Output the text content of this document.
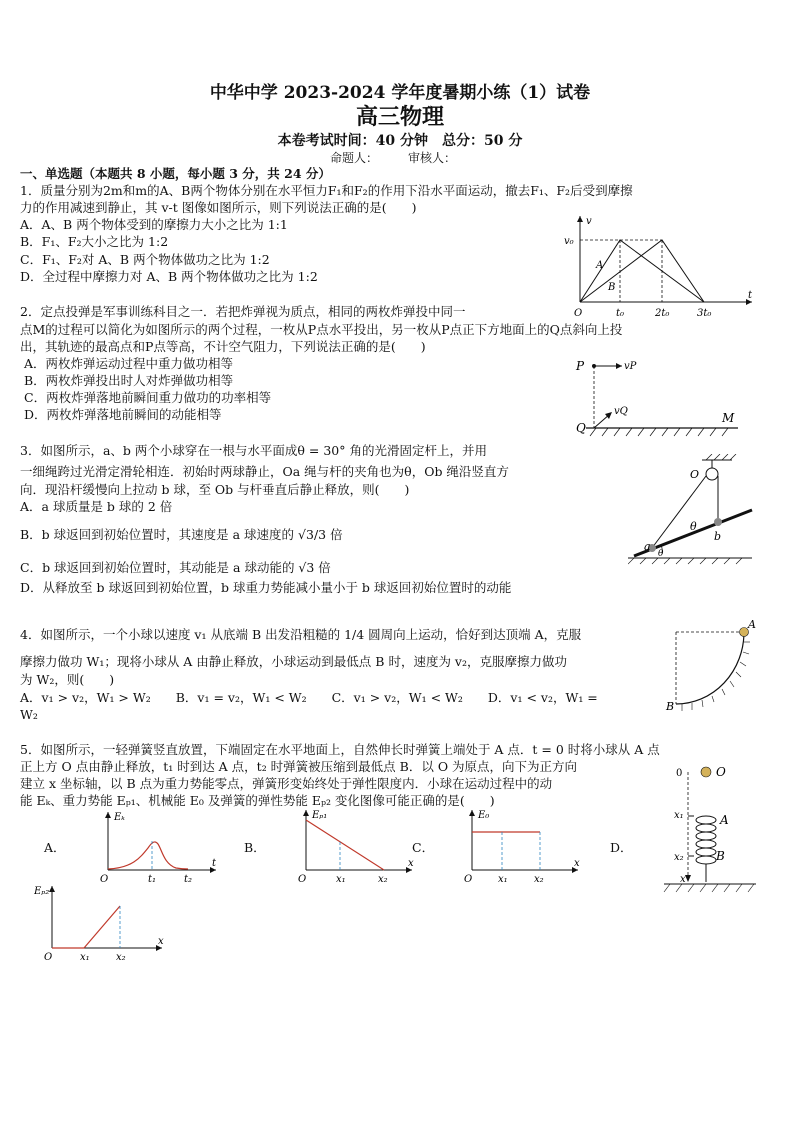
中华中学 2023-2024 学年度暑期小练（1）试卷
高三物理
本卷考试时间：40 分钟　总分：50 分
命题人：　　　审核人：
一、单选题（本题共 8 小题，每小题 3 分，共 24 分）
1．质量分别为2m和m的A、B两个物体分别在水平恒力F₁和F₂的作用下沿水平面运动，撤去F₁、F₂后受到摩擦
力的作用减速到静止，其 v-t 图像如图所示，则下列说法正确的是(　　)
A．A、B 两个物体受到的摩擦力大小之比为 1:1
B．F₁、F₂大小之比为 1:2
C．F₁、F₂对 A、B 两个物体做功之比为 1:2
D．全过程中摩擦力对 A、B 两个物体做功之比为 1:2
v
t
v₀
O	t₀	2t₀	3t₀
A
B
2．定点投弹是军事训练科目之一．若把炸弹视为质点，相同的两枚炸弹投中同一
点M的过程可以简化为如图所示的两个过程，一枚从P点水平投出，另一枚从P点正下方地面上的Q点斜向上投
出，其轨迹的最高点和P点等高，不计空气阻力，下列说法正确的是(　　)
A．两枚炸弹运动过程中重力做功相等
B．两枚炸弹投出时人对炸弹做功相等
C．两枚炸弹落地前瞬间重力做功的功率相等
D．两枚炸弹落地前瞬间的动能相等
P	vP
Q
vQ	M
3．如图所示，a、b 两个小球穿在一根与水平面成θ = 30° 角的光滑固定杆上，并用
一细绳跨过光滑定滑轮相连．初始时两球静止，Oa 绳与杆的夹角也为θ，Ob 绳沿竖直方
向．现沿杆缓慢向上拉动 b 球，至 Ob 与杆垂直后静止释放，则(　　)
A．a 球质量是 b 球的 2 倍
B．b 球返回到初始位置时，其速度是 a 球速度的 √3/3 倍
C．b 球返回到初始位置时，其动能是 a 球动能的 √3 倍
D．从释放至 b 球返回到初始位置，b 球重力势能减小量小于 b 球返回初始位置时的动能
O
a
b
θ
θ
4．如图所示，一个小球以速度 v₁ 从底端 B 出发沿粗糙的 1/4 圆周向上运动，恰好到达顶端 A，克服
摩擦力做功 W₁；现将小球从 A 由静止释放，小球运动到最低点 B 时，速度为 v₂，克服摩擦力做功
为 W₂，则(　　)
A．v₁ > v₂，W₁ > W₂　　B．v₁ = v₂，W₁ < W₂　　C．v₁ > v₂，W₁ < W₂　　D．v₁ < v₂，W₁ =
W₂
A
B
5．如图所示，一轻弹簧竖直放置，下端固定在水平地面上，自然伸长时弹簧上端处于 A 点．t = 0 时将小球从 A 点
正上方 O 点由静止释放，t₁ 时到达 A 点，t₂ 时弹簧被压缩到最低点 B．以 O 为原点，向下为正方向
建立 x 坐标轴，以 B 点为重力势能零点，弹簧形变始终处于弹性限度内．小球在运动过程中的动
能 Eₖ、重力势能 Eₚ₁、机械能 E₀ 及弹簧的弹性势能 Eₚ₂ 变化图像可能正确的是(　　)
0	O
x₁	A
x₂	B
x
A．	B．	C．	D．
Eₖ
t
O	t₁	t₂
Eₚ₁
x
O	x₁	x₂
E₀
x
O	x₁	x₂
Eₚ₂
x
O	x₁	x₂
